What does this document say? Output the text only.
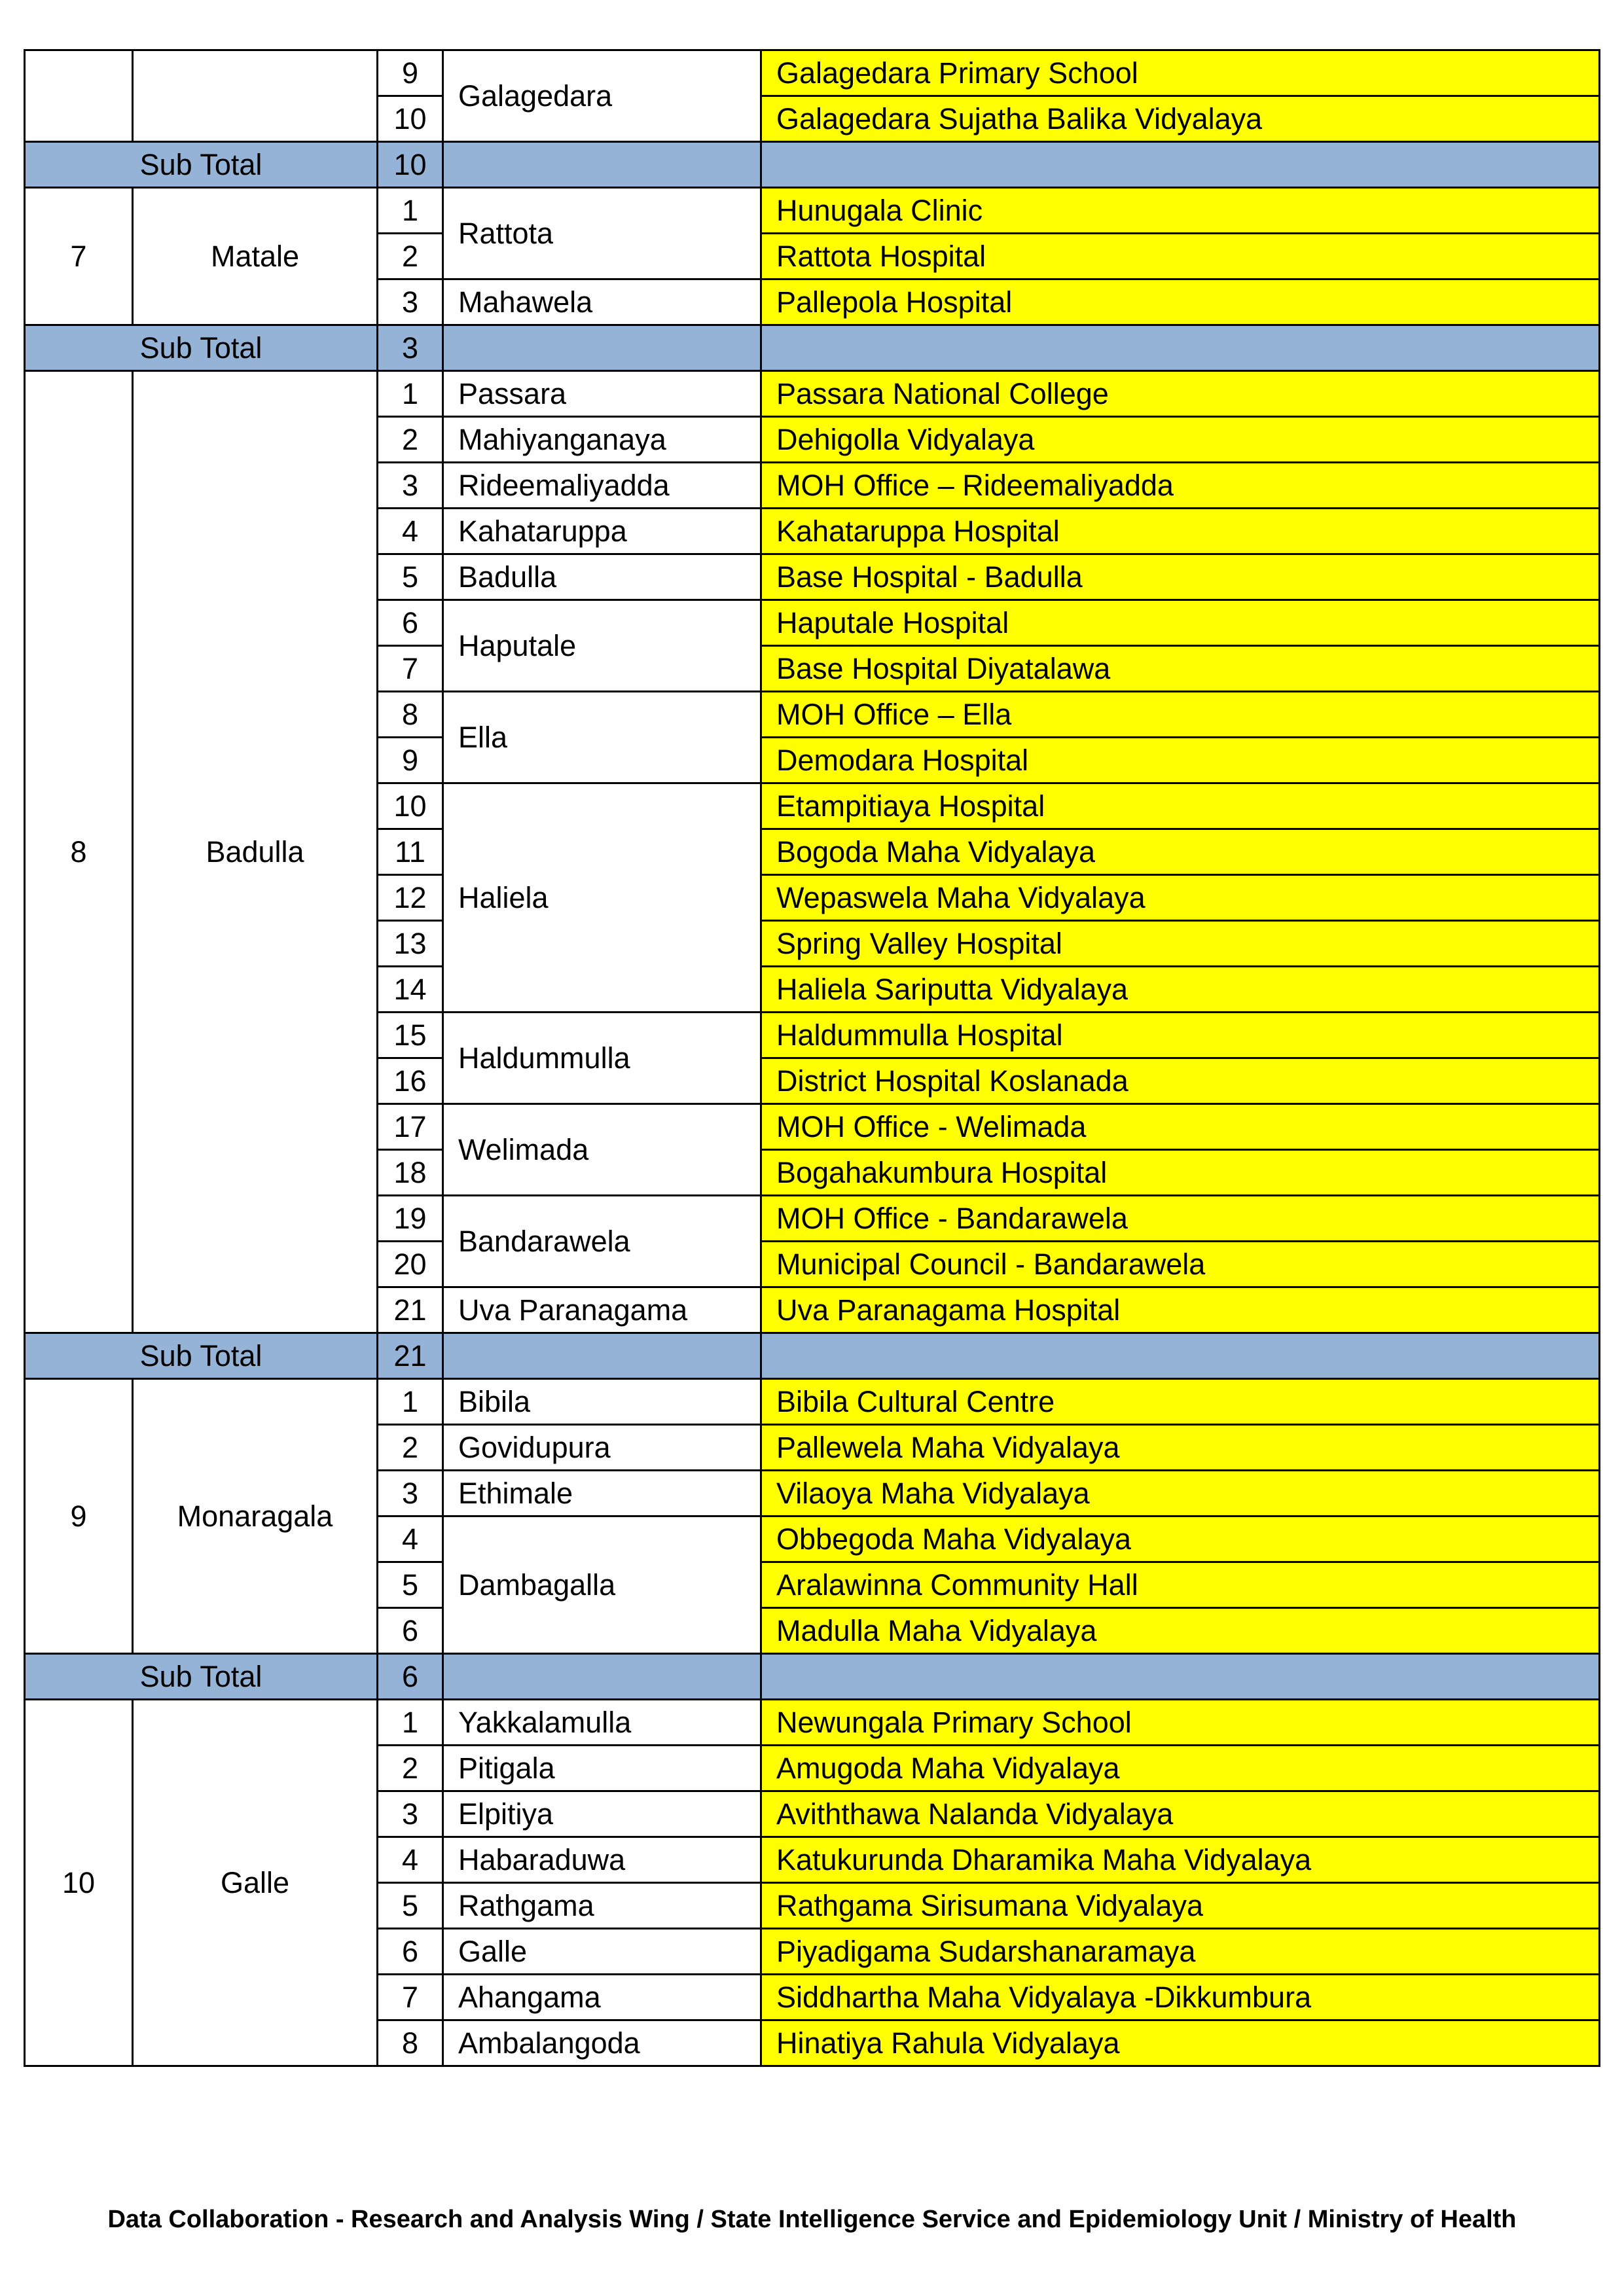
		9	Galagedara	Galagedara Primary School
		10		Galagedara Sujatha Balika Vidyalaya
Sub Total		10		
7	Matale	1	Rattota	Hunugala Clinic
		2		Rattota Hospital
		3	Mahawela	Pallepola Hospital
Sub Total		3		
8	Badulla	1	Passara	Passara National College
		2	Mahiyanganaya	Dehigolla Vidyalaya
		3	Rideemaliyadda	MOH Office – Rideemaliyadda
		4	Kahataruppa	Kahataruppa Hospital
		5	Badulla	Base Hospital - Badulla
		6	Haputale	Haputale Hospital
		7		Base Hospital Diyatalawa
		8	Ella	MOH Office – Ella
		9		Demodara Hospital
		10	Haliela	Etampitiaya Hospital
		11		Bogoda Maha Vidyalaya
		12		Wepaswela Maha Vidyalaya
		13		Spring Valley Hospital
		14		Haliela Sariputta Vidyalaya
		15	Haldummulla	Haldummulla Hospital
		16		District Hospital Koslanada
		17	Welimada	MOH Office - Welimada
		18		Bogahakumbura Hospital
		19	Bandarawela	MOH Office - Bandarawela
		20		Municipal Council - Bandarawela
		21	Uva Paranagama	Uva Paranagama Hospital
Sub Total		21		
9	Monaragala	1	Bibila	Bibila Cultural Centre
		2	Govidupura	Pallewela Maha Vidyalaya
		3	Ethimale	Vilaoya Maha Vidyalaya
		4	Dambagalla	Obbegoda Maha Vidyalaya
		5		Aralawinna Community Hall
		6		Madulla Maha Vidyalaya
Sub Total		6		
10	Galle	1	Yakkalamulla	Newungala Primary School
		2	Pitigala	Amugoda Maha Vidyalaya
		3	Elpitiya	Aviththawa Nalanda Vidyalaya
		4	Habaraduwa	Katukurunda Dharamika Maha Vidyalaya
		5	Rathgama	Rathgama Sirisumana Vidyalaya
		6	Galle	Piyadigama Sudarshanaramaya
		7	Ahangama	Siddhartha Maha Vidyalaya -Dikkumbura
		8	Ambalangoda	Hinatiya Rahula Vidyalaya
Data Collaboration - Research and Analysis Wing / State Intelligence Service and Epidemiology Unit / Ministry of Health
